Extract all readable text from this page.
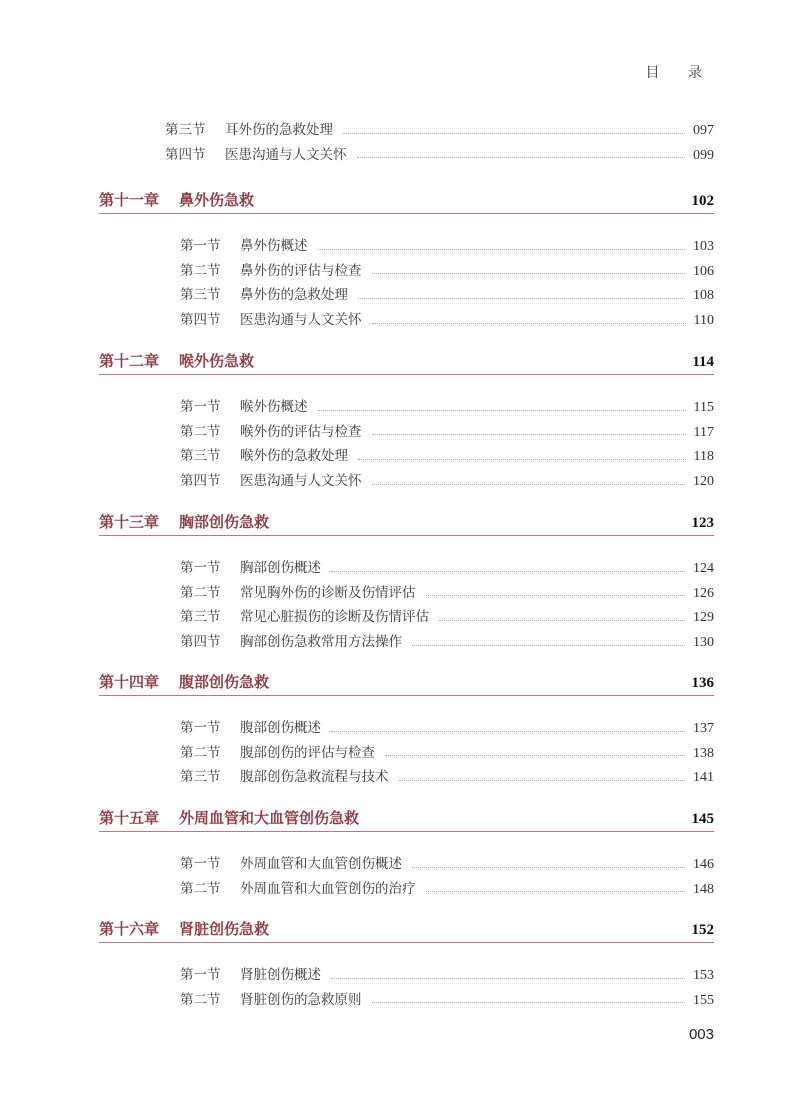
目 录
第三节	耳外伤的急救处理	097
第四节	医患沟通与人文关怀	099
第十一章	鼻外伤急救	102
第一节	鼻外伤概述	103
第二节	鼻外伤的评估与检查	106
第三节	鼻外伤的急救处理	108
第四节	医患沟通与人文关怀	110
第十二章	喉外伤急救	114
第一节	喉外伤概述	115
第二节	喉外伤的评估与检查	117
第三节	喉外伤的急救处理	118
第四节	医患沟通与人文关怀	120
第十三章	胸部创伤急救	123
第一节	胸部创伤概述	124
第二节	常见胸外伤的诊断及伤情评估	126
第三节	常见心脏损伤的诊断及伤情评估	129
第四节	胸部创伤急救常用方法操作	130
第十四章	腹部创伤急救	136
第一节	腹部创伤概述	137
第二节	腹部创伤的评估与检查	138
第三节	腹部创伤急救流程与技术	141
第十五章	外周血管和大血管创伤急救	145
第一节	外周血管和大血管创伤概述	146
第二节	外周血管和大血管创伤的治疗	148
第十六章	肾脏创伤急救	152
第一节	肾脏创伤概述	153
第二节	肾脏创伤的急救原则	155
003
